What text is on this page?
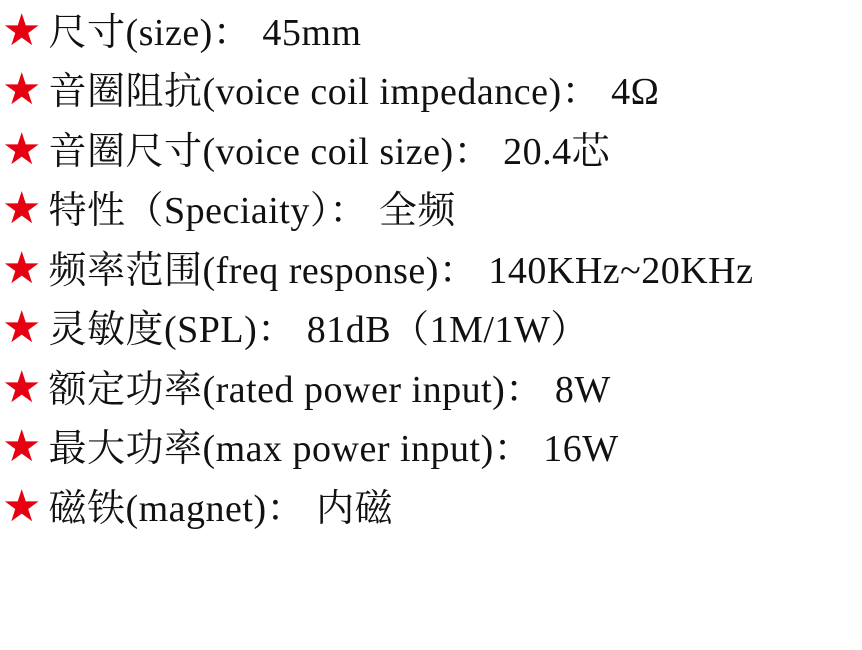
★ 尺寸(size)： 45mm
★ 音圈阻抗(voice coil impedance)： 4Ω
★ 音圈尺寸(voice coil size)： 20.4芯
★ 特性（Speciaity）： 全频
★ 频率范围(freq response)： 140KHz~20KHz
★ 灵敏度(SPL)： 81dB（1M/1W）
★ 额定功率(rated power input)： 8W
★ 最大功率(max power input)： 16W
★ 磁铁(magnet)： 内磁
